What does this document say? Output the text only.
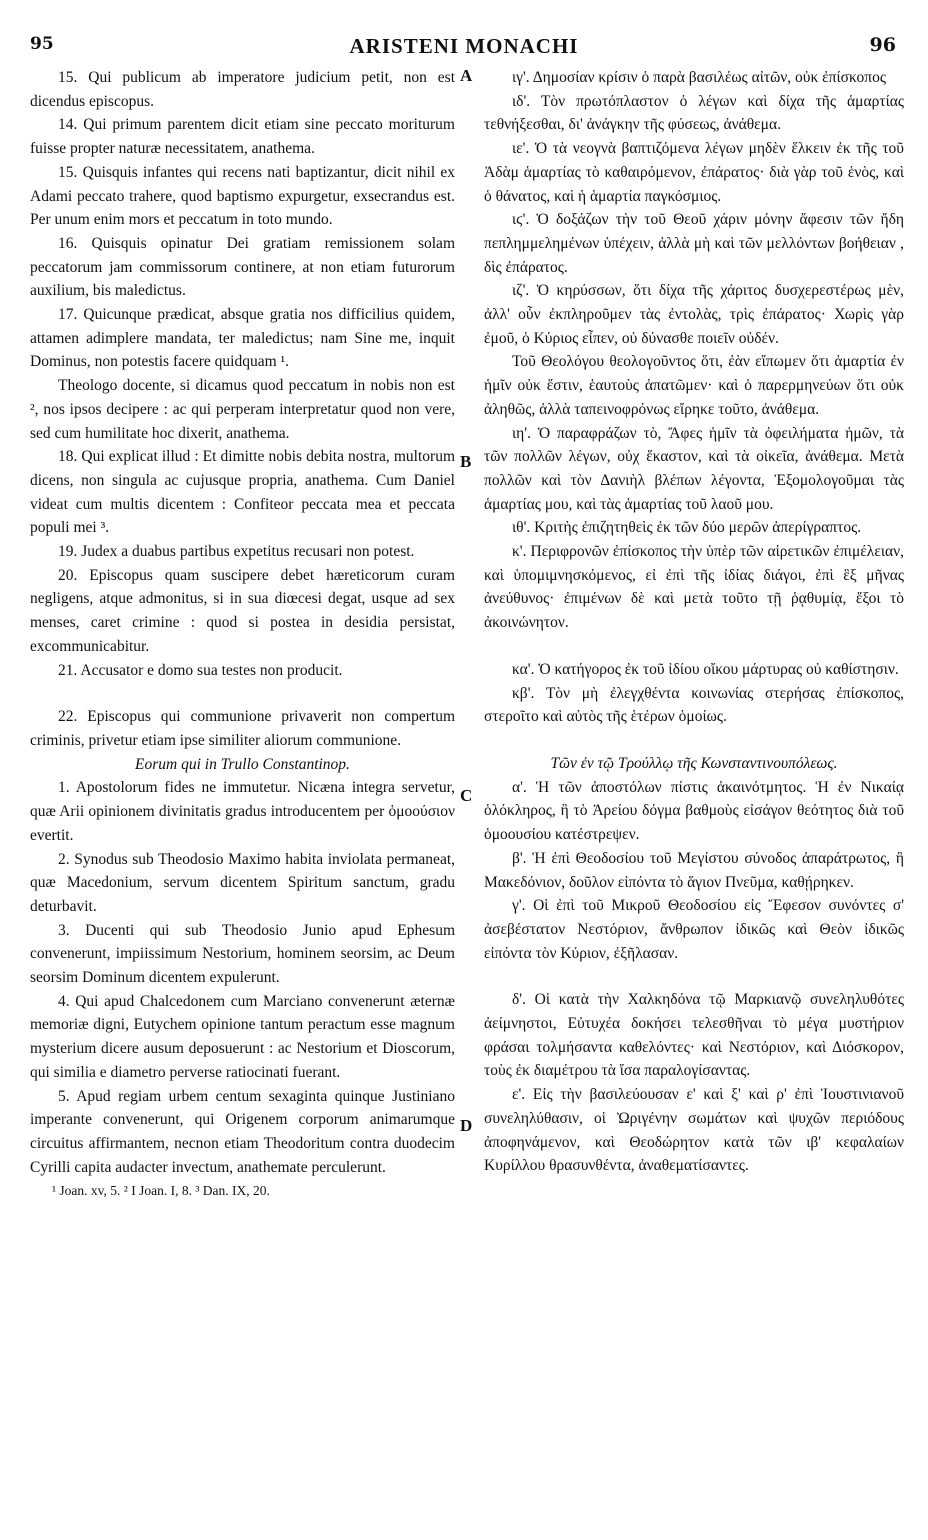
95	ARISTENI MONACHI	96

15. Qui publicum ab imperatore judicium petit, non est dicendus episcopus.

14. Qui primum parentem dicit etiam sine peccato moriturum fuisse propter naturæ necessitatem, anathema.

15. Quisquis infantes qui recens nati baptizantur, dicit nihil ex Adami peccato trahere, quod baptismo expurgetur, exsecrandus est. Per unum enim mors et peccatum in toto mundo.

16. Quisquis opinatur Dei gratiam remissionem solam peccatorum jam commissorum continere, at non etiam futurorum auxilium, bis maledictus.

17. Quicunque prædicat, absque gratia nos difficilius quidem, attamen adimplere mandata, ter maledictus; nam Sine me, inquit Dominus, non potestis facere quidquam ¹.

Theologo docente, si dicamus quod peccatum in nobis non est ², nos ipsos decipere : ac qui perperam interpretatur quod non vere, sed cum humilitate hoc dixerit, anathema.

18. Qui explicat illud : Et dimitte nobis debita nostra, multorum dicens, non singula ac cujusque propria, anathema. Cum Daniel videat cum multis dicentem : Confiteor peccata mea et peccata populi mei ³.

19. Judex a duabus partibus expetitus recusari non potest.

20. Episcopus quam suscipere debet hæreticorum curam negligens, atque admonitus, si in sua diœcesi degat, usque ad sex menses, caret crimine : quod si postea in desidia persistat, excommunicabitur.

21. Accusator e domo sua testes non producit.

22. Episcopus qui communione privaverit non compertum criminis, privetur etiam ipse similiter aliorum communione.

Eorum qui in Trullo Constantinop.

1. Apostolorum fides ne immutetur. Nicæna integra servetur, quæ Arii opinionem divinitatis gradus introducentem per ὁμοούσιον evertit.

2. Synodus sub Theodosio Maximo habita inviolata permaneat, quæ Macedonium, servum dicentem Spiritum sanctum, gradu deturbavit.

3. Ducenti qui sub Theodosio Junio apud Ephesum convenerunt, impiissimum Nestorium, hominem seorsim, ac Deum seorsim Dominum dicentem expulerunt.

4. Qui apud Chalcedonem cum Marciano convenerunt æternæ memoriæ digni, Eutychem opinione tantum peractum esse magnum mysterium dicere ausum deposuerunt : ac Nestorium et Dioscorum, qui similia e diametro perverse ratiocinati fuerant.

5. Apud regiam urbem centum sexaginta quinque Justiniano imperante convenerunt, qui Origenem corporum animarumque circuitus affirmantem, necnon etiam Theodoritum contra duodecim Cyrilli capita audacter invectum, anathemate perculerunt.

¹ Joan. xv, 5. ² I Joan. I, 8. ³ Dan. IX, 20.

ιγ'. Δημοσίαν κρίσιν ὁ παρὰ βασιλέως αἰτῶν, οὐκ ἐπίσκοπος

ιδ'. Τὸν πρωτόπλαστον ὁ λέγων καὶ δίχα τῆς ἁμαρτίας τεθνήξεσθαι, δι' ἀνάγκην τῆς φύσεως, ἀνάθεμα.

ιε'. Ὁ τὰ νεογνὰ βαπτιζόμενα λέγων μηδὲν ἕλκειν ἐκ τῆς τοῦ Ἀδὰμ ἁμαρτίας τὸ καθαιρόμενον, ἐπάρατος· διὰ γὰρ τοῦ ἑνὸς, καὶ ὁ θάνατος, καὶ ἡ ἁμαρτία παγκόσμιος.

ιϛ'. Ὁ δοξάζων τὴν τοῦ Θεοῦ χάριν μόνην ἄφεσιν τῶν ἤδη πεπλημμελημένων ὑπέχειν, ἀλλὰ μὴ καὶ τῶν μελλόντων βοήθειαν , δὶς ἐπάρατος.

ιζ'. Ὁ κηρύσσων, ὅτι δίχα τῆς χάριτος δυσχερεστέρως μὲν, ἀλλ' οὖν ἐκπληροῦμεν τὰς ἐντολὰς, τρὶς ἐπάρατος· Χωρὶς γὰρ ἐμοῦ, ὁ Κύριος εἶπεν, οὐ δύνασθε ποιεῖν οὐδέν.

Τοῦ Θεολόγου θεολογοῦντος ὅτι, ἐὰν εἴπωμεν ὅτι ἁμαρτία ἐν ἡμῖν οὐκ ἔστιν, ἑαυτοὺς ἀπατῶμεν· καὶ ὁ παρερμηνεύων ὅτι οὐκ ἀληθῶς, ἀλλὰ ταπεινοφρόνως εἴρηκε τοῦτο, ἀνάθεμα.

ιη'. Ὁ παραφράζων τὸ, Ἄφες ἡμῖν τὰ ὀφειλήματα ἡμῶν, τὰ τῶν πολλῶν λέγων, οὐχ ἕκαστον, καὶ τὰ οἰκεῖα, ἀνάθεμα. Μετὰ πολλῶν καὶ τὸν Δανιὴλ βλέπων λέγοντα, Ἐξομολογοῦμαι τὰς ἁμαρτίας μου, καὶ τὰς ἁμαρτίας τοῦ λαοῦ μου.

ιθ'. Κριτὴς ἐπιζητηθεὶς ἐκ τῶν δύο μερῶν ἀπερίγραπτος.

κ'. Περιφρονῶν ἐπίσκοπος τὴν ὑπὲρ τῶν αἱρετικῶν ἐπιμέλειαν, καὶ ὑπομιμνησκόμενος, εἰ ἐπὶ τῆς ἰδίας διάγοι, ἐπὶ ἓξ μῆνας ἀνεύθυνος· ἐπιμένων δὲ καὶ μετὰ τοῦτο τῇ ῥᾳθυμίᾳ, ἔξοι τὸ ἀκοινώνητον.

κα'. Ὁ κατήγορος ἐκ τοῦ ἰδίου οἴκου μάρτυρας οὐ καθίστησιν.

κβ'. Τὸν μὴ ἐλεγχθέντα κοινωνίας στερήσας ἐπίσκοπος, στεροῖτο καὶ αὐτὸς τῆς ἑτέρων ὁμοίως.

Τῶν ἐν τῷ Τρούλλῳ τῆς Κωνσταντινουπόλεως.

α'. Ἡ τῶν ἀποστόλων πίστις ἀκαινότμητος. Ἡ ἐν Νικαίᾳ ὁλόκληρος, ἣ τὸ Ἀρείου δόγμα βαθμοὺς εἰσάγον θεότητος διὰ τοῦ ὁμοουσίου κατέστρεψεν.

β'. Ἡ ἐπὶ Θεοδοσίου τοῦ Μεγίστου σύνοδος ἀπαράτρωτος, ἣ Μακεδόνιον, δοῦλον εἰπόντα τὸ ἅγιον Πνεῦμα, καθῄρηκεν.

γ'. Οἱ ἐπὶ τοῦ Μικροῦ Θεοδοσίου εἰς Ἔφεσον συνόντες σ' ἀσεβέστατον Νεστόριον, ἄνθρωπον ἰδικῶς καὶ Θεὸν ἰδικῶς εἰπόντα τὸν Κύριον, ἐξῆλασαν.

δ'. Οἱ κατὰ τὴν Χαλκηδόνα τῷ Μαρκιανῷ συνεληλυθότες ἀείμνηστοι, Εὐτυχέα δοκήσει τελεσθῆναι τὸ μέγα μυστήριον φράσαι τολμήσαντα καθελόντες· καὶ Νεστόριον, καὶ Διόσκορον, τοὺς ἐκ διαμέτρου τὰ ἴσα παραλογίσαντας.

ε'. Εἰς τὴν βασιλεύουσαν ε' καὶ ξ' καὶ ρ' ἐπὶ Ἰουστινιανοῦ συνεληλύθασιν, οἱ Ὠριγένην σωμάτων καὶ ψυχῶν περιόδους ἀποφηνάμενον, καὶ Θεοδώρητον κατὰ τῶν ιβ' κεφαλαίων Κυρίλλου θρασυνθέντα, ἀναθεματίσαντες.

A
B
C
D
